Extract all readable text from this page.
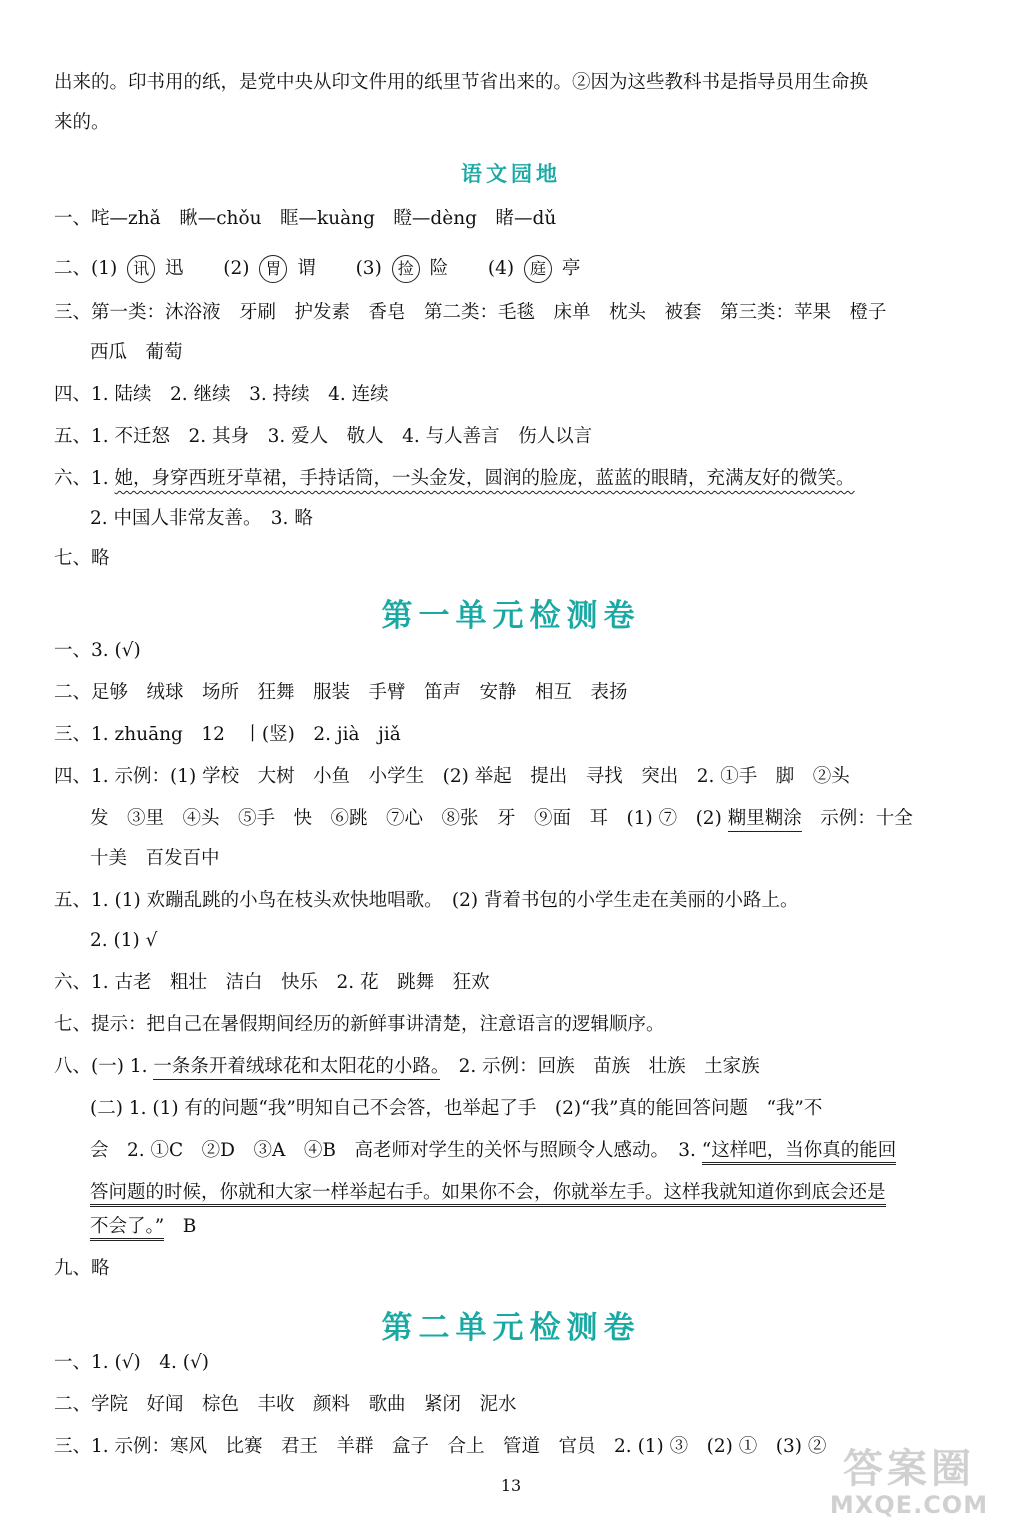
出来的。印书用的纸，是党中央从印文件用的纸里节省出来的。②因为这些教科书是指导员用生命换
来的。
语文园地
一、咤—zhǎ　瞅—chǒu　眶—kuàng　瞪—dèng　睹—dǔ
二、(1) 讯 迅 (2) 胃 谓 (3) 捡 险 (4) 庭 亭
三、第一类：沐浴液　牙刷　护发素　香皂　第二类：毛毯　床单　枕头　被套　第三类：苹果　橙子
西瓜　葡萄
四、1. 陆续　2. 继续　3. 持续　4. 连续
五、1. 不迁怒　2. 其身　3. 爱人　敬人　4. 与人善言　伤人以言
六、1. 她，身穿西班牙草裙，手持话筒，一头金发，圆润的脸庞，蓝蓝的眼睛，充满友好的微笑。
2. 中国人非常友善。　3. 略
七、略
第一单元检测卷
一、3. (√)
二、足够　绒球　场所　狂舞　服装　手臂　笛声　安静　相互　表扬
三、1. zhuāng　12　丨(竖)　2. jià　jiǎ
四、1. 示例：(1) 学校　大树　小鱼　小学生　(2) 举起　提出　寻找　突出　2. ①手　脚　②头
发　③里　④头　⑤手　快　⑥跳　⑦心　⑧张　牙　⑨面　耳　(1) ⑦　(2) 糊里糊涂　示例：十全
十美　百发百中
五、1. (1) 欢蹦乱跳的小鸟在枝头欢快地唱歌。　(2) 背着书包的小学生走在美丽的小路上。
2. (1) √
六、1. 古老　粗壮　洁白　快乐　2. 花　跳舞　狂欢
七、提示：把自己在暑假期间经历的新鲜事讲清楚，注意语言的逻辑顺序。
八、(一) 1. 一条条开着绒球花和太阳花的小路。　2. 示例：回族　苗族　壮族　土家族
(二) 1. (1) 有的问题“我”明知自己不会答，也举起了手　(2)“我”真的能回答问题　“我”不
会　2. ①C　②D　③A　④B　高老师对学生的关怀与照顾令人感动。　3. “这样吧，当你真的能回
答问题的时候，你就和大家一样举起右手。如果你不会，你就举左手。这样我就知道你到底会还是
不会了。”　B
九、略
第二单元检测卷
一、1. (√)　4. (√)
二、学院　好闻　棕色　丰收　颜料　歌曲　紧闭　泥水
三、1. 示例：寒风　比赛　君王　羊群　盒子　合上　管道　官员　2. (1) ③　(2) ①　(3) ②
13	答案圈
MXQE.COM
